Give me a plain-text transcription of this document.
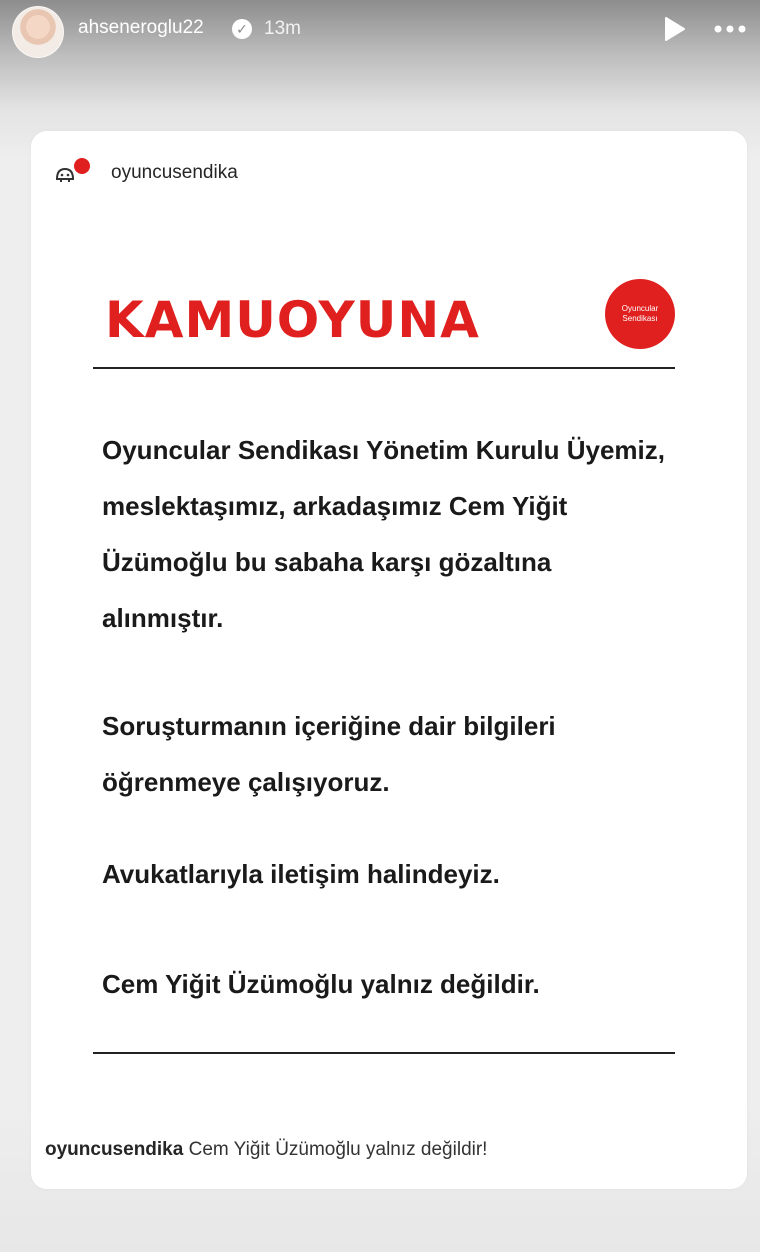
ahseneroglu22 ✓ 13m
oyuncusendika
Oyuncular Sendikası
KAMUOYUNA
Oyuncular Sendikası Yönetim Kurulu Üyemiz, meslektaşımız, arkadaşımız Cem Yiğit Üzümoğlu bu sabaha karşı gözaltına alınmıştır.
Soruşturmanın içeriğine dair bilgileri öğrenmeye çalışıyoruz.
Avukatlarıyla iletişim halindeyiz.
Cem Yiğit Üzümoğlu yalnız değildir.
oyuncusendika Cem Yiğit Üzümoğlu yalnız değildir!
